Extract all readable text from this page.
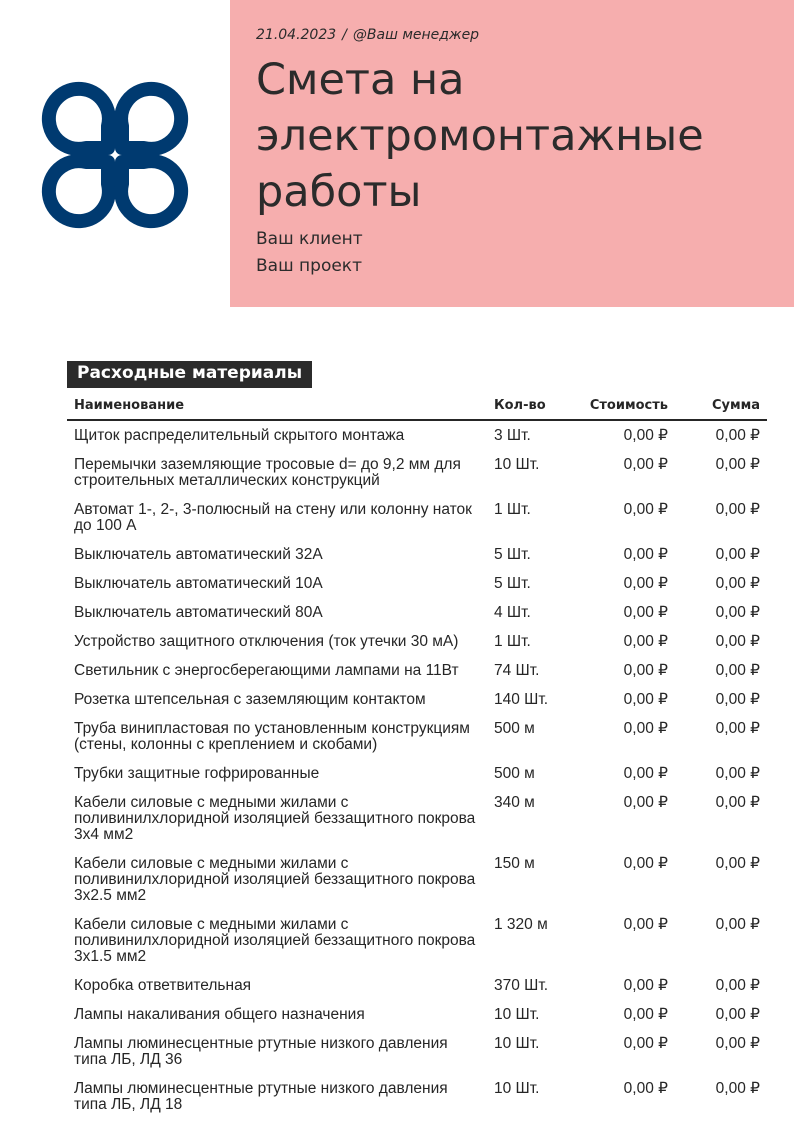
21.04.2023 / @Ваш менеджер
Смета на электромонтажные работы
Ваш клиент
Ваш проект
Расходные материалы
Наименование	Кол-во	Стоимость	Сумма
Щиток распределительный скрытого монтажа	3 Шт.	0,00 ₽	0,00 ₽
Перемычки заземляющие тросовые d= до 9,2 мм для строительных металлических конструкций	10 Шт.	0,00 ₽	0,00 ₽
Автомат 1-, 2-, 3-полюсный на стену или колонну наток до 100 А	1 Шт.	0,00 ₽	0,00 ₽
Выключатель автоматический 32А	5 Шт.	0,00 ₽	0,00 ₽
Выключатель автоматический 10А	5 Шт.	0,00 ₽	0,00 ₽
Выключатель автоматический 80А	4 Шт.	0,00 ₽	0,00 ₽
Устройство защитного отключения (ток утечки 30 мА)	1 Шт.	0,00 ₽	0,00 ₽
Светильник с энергосберегающими лампами на 11Вт	74 Шт.	0,00 ₽	0,00 ₽
Розетка штепсельная с заземляющим контактом	140 Шт.	0,00 ₽	0,00 ₽
Труба винипластовая по установленным конструкциям (стены, колонны с креплением и скобами)	500 м	0,00 ₽	0,00 ₽
Трубки защитные гофрированные	500 м	0,00 ₽	0,00 ₽
Кабели силовые с медными жилами с поливинилхлоридной изоляцией беззащитного покрова 3х4 мм2	340 м	0,00 ₽	0,00 ₽
Кабели силовые с медными жилами с поливинилхлоридной изоляцией беззащитного покрова 3х2.5 мм2	150 м	0,00 ₽	0,00 ₽
Кабели силовые с медными жилами с поливинилхлоридной изоляцией беззащитного покрова 3х1.5 мм2	1 320 м	0,00 ₽	0,00 ₽
Коробка ответвительная	370 Шт.	0,00 ₽	0,00 ₽
Лампы накаливания общего назначения	10 Шт.	0,00 ₽	0,00 ₽
Лампы люминесцентные ртутные низкого давления типа ЛБ, ЛД 36	10 Шт.	0,00 ₽	0,00 ₽
Лампы люминесцентные ртутные низкого давления типа ЛБ, ЛД 18	10 Шт.	0,00 ₽	0,00 ₽
